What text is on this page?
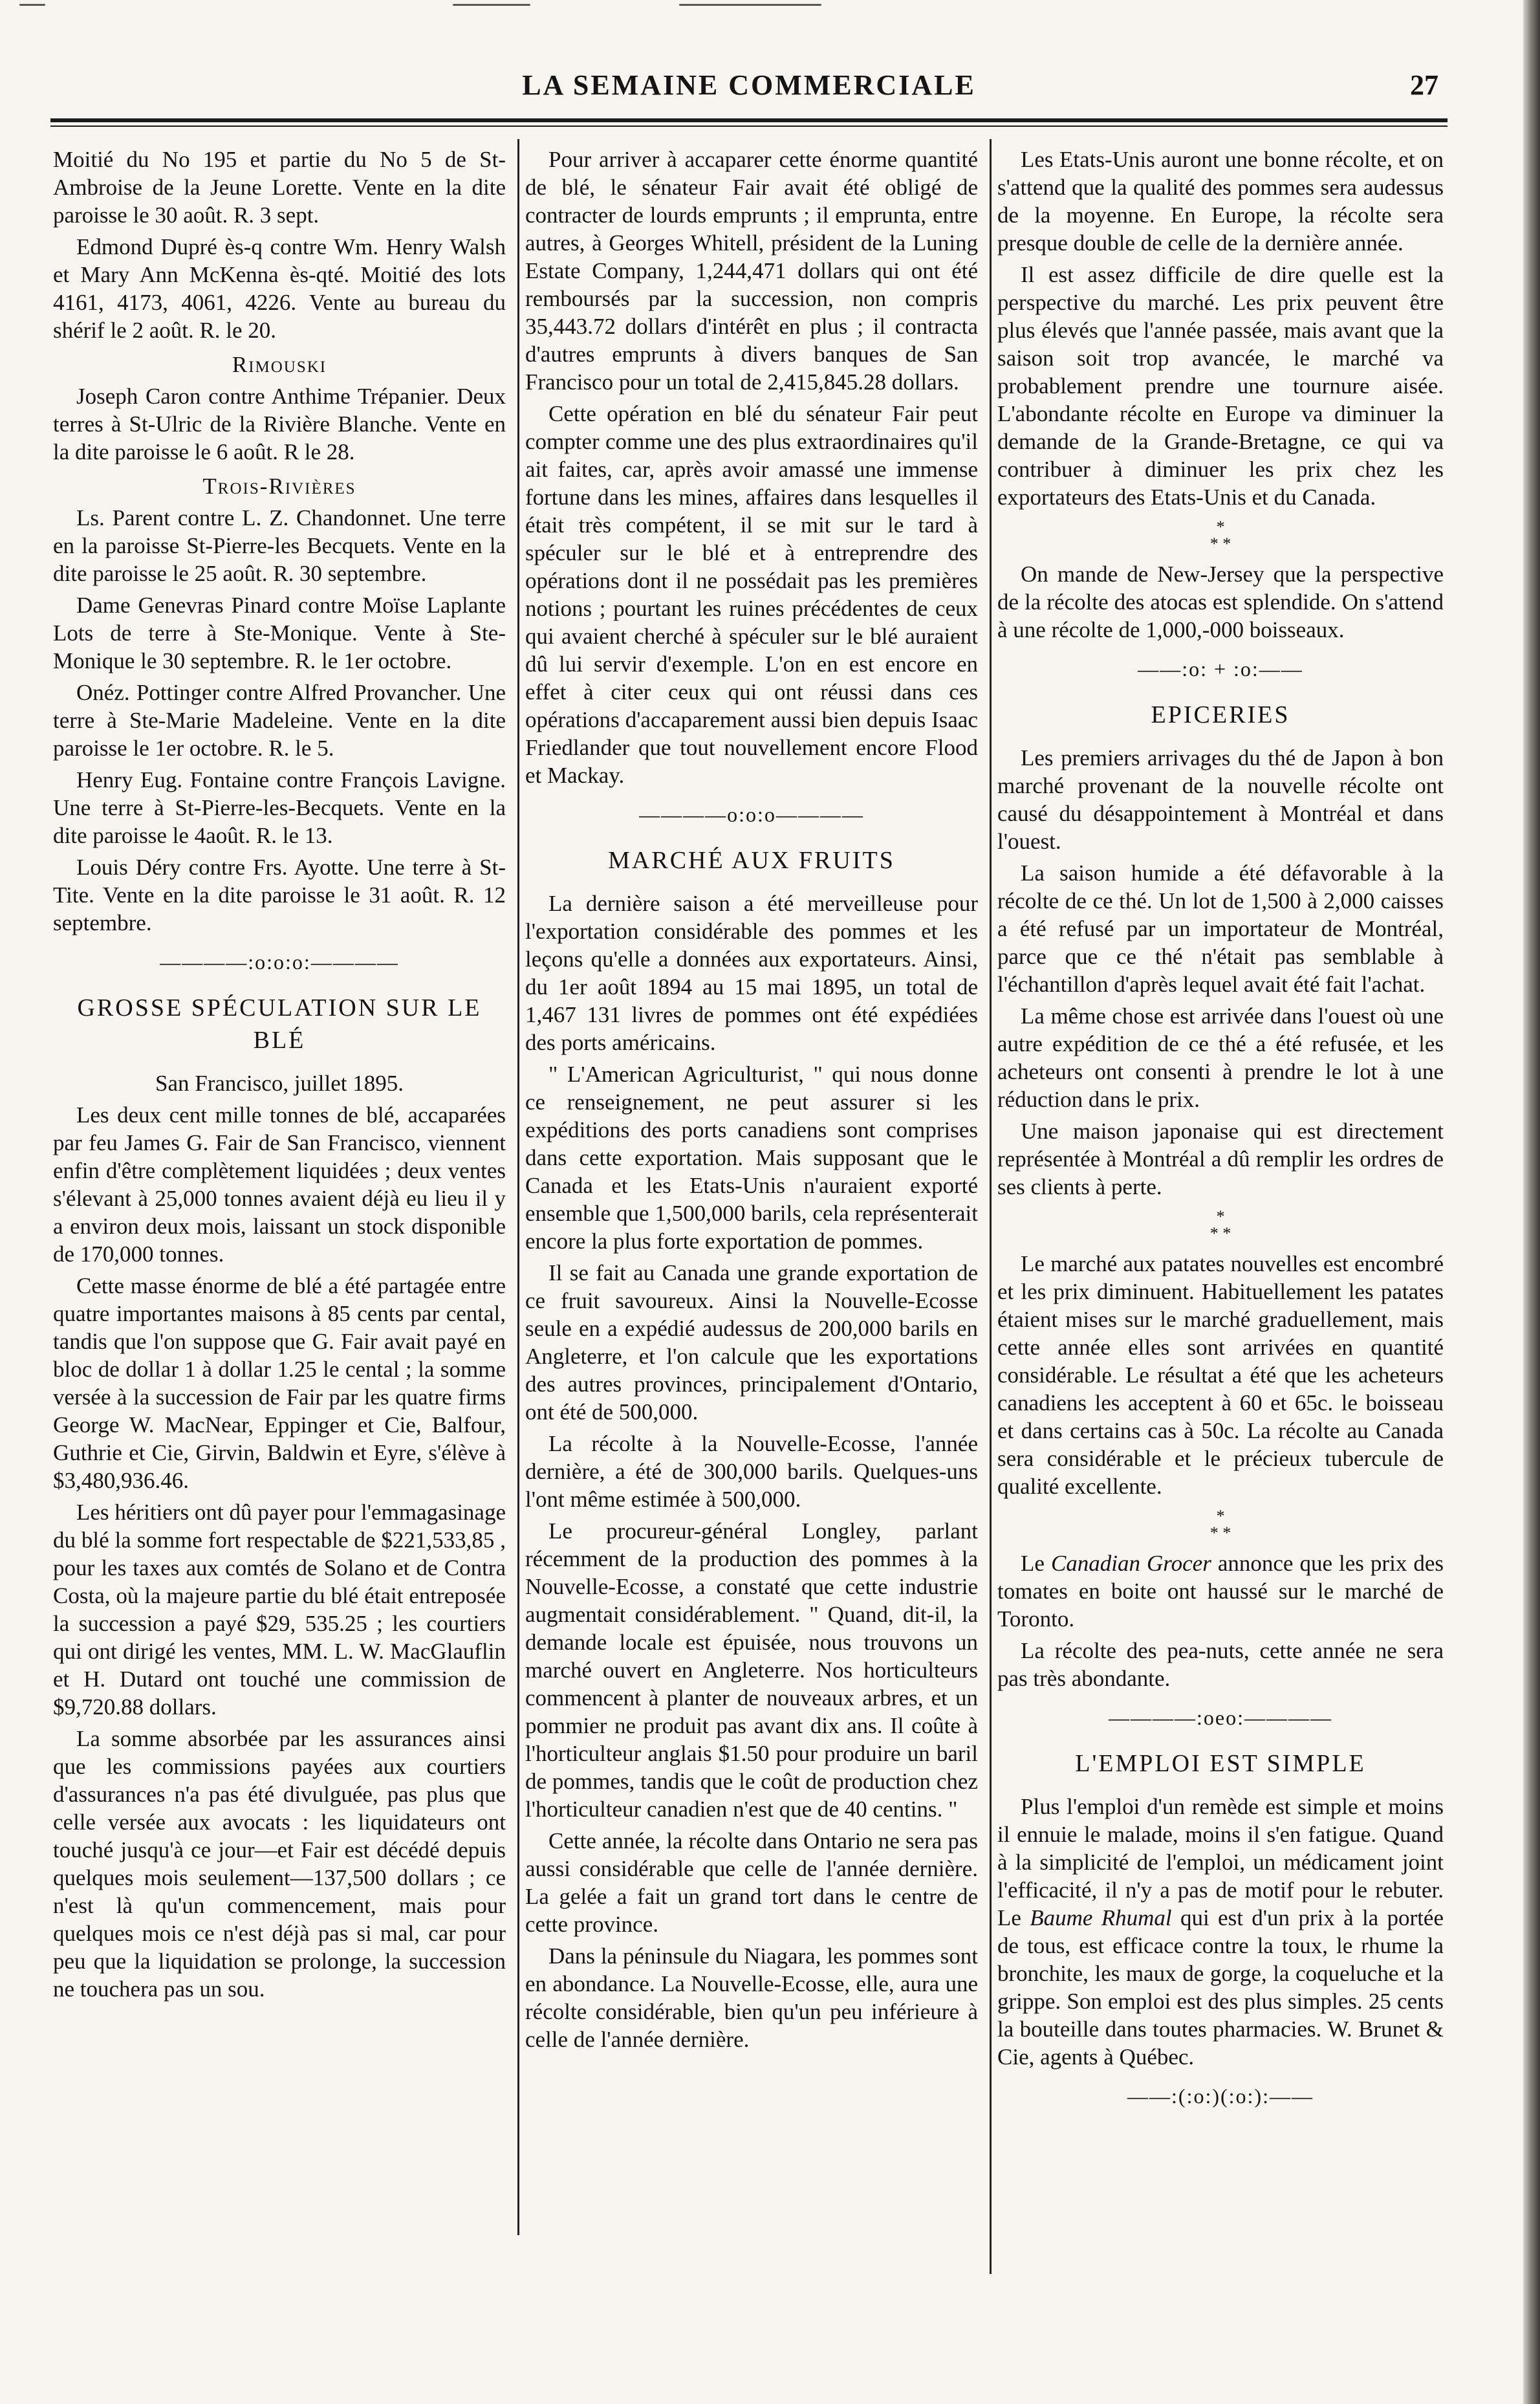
LA SEMAINE COMMERCIALE	27

Moitié du No 195 et partie du No 5 de St-Ambroise de la Jeune Lorette. Vente en la dite paroisse le 30 août. R. 3 sept.

Edmond Dupré ès-q contre Wm. Henry Walsh et Mary Ann McKenna ès-qté. Moitié des lots 4161, 4173, 4061, 4226. Vente au bureau du shérif le 2 août. R. le 20.

Rimouski

Joseph Caron contre Anthime Trépanier. Deux terres à St-Ulric de la Rivière Blanche. Vente en la dite paroisse le 6 août. R le 28.

Trois-Rivières

Ls. Parent contre L. Z. Chandonnet. Une terre en la paroisse St-Pierre-les Becquets. Vente en la dite paroisse le 25 août. R. 30 septembre.

Dame Genevras Pinard contre Moïse Laplante Lots de terre à Ste-Monique. Vente à Ste-Monique le 30 septembre. R. le 1er octobre.

Onéz. Pottinger contre Alfred Provancher. Une terre à Ste-Marie Madeleine. Vente en la dite paroisse le 1er octobre. R. le 5.

Henry Eug. Fontaine contre François Lavigne. Une terre à St-Pierre-les-Becquets. Vente en la dite paroisse le 4août. R. le 13.

Louis Déry contre Frs. Ayotte. Une terre à St-Tite. Vente en la dite paroisse le 31 août. R. 12 septembre.

————:o:o:o:————
GROSSE SPÉCULATION SUR LE BLÉ
San Francisco, juillet 1895.

Les deux cent mille tonnes de blé, accaparées par feu James G. Fair de San Francisco, viennent enfin d'être complètement liquidées ; deux ventes s'élevant à 25,000 tonnes avaient déjà eu lieu il y a environ deux mois, laissant un stock disponible de 170,000 tonnes.

Cette masse énorme de blé a été partagée entre quatre importantes maisons à 85 cents par cental, tandis que l'on suppose que G. Fair avait payé en bloc de dollar 1 à dollar 1.25 le cental ; la somme versée à la succession de Fair par les quatre firms George W. MacNear, Eppinger et Cie, Balfour, Guthrie et Cie, Girvin, Baldwin et Eyre, s'élève à $3,480,936.46.

Les héritiers ont dû payer pour l'emmagasinage du blé la somme fort respectable de $221,533,85 , pour les taxes aux comtés de Solano et de Contra Costa, où la majeure partie du blé était entreposée la succession a payé $29, 535.25 ; les courtiers qui ont dirigé les ventes, MM. L. W. MacGlauflin et H. Dutard ont touché une commission de $9,720.88 dollars.

La somme absorbée par les assurances ainsi que les commissions payées aux courtiers d'assurances n'a pas été divulguée, pas plus que celle versée aux avocats : les liquidateurs ont touché jusqu'à ce jour—et Fair est décédé depuis quelques mois seulement—137,500 dollars ; ce n'est là qu'un commencement, mais pour quelques mois ce n'est déjà pas si mal, car pour peu que la liquidation se prolonge, la succession ne touchera pas un sou.

Pour arriver à accaparer cette énorme quantité de blé, le sénateur Fair avait été obligé de contracter de lourds emprunts ; il emprunta, entre autres, à Georges Whitell, président de la Luning Estate Company, 1,244,471 dollars qui ont été remboursés par la succession, non compris 35,443.72 dollars d'intérêt en plus ; il contracta d'autres emprunts à divers banques de San Francisco pour un total de 2,415,845.28 dollars.

Cette opération en blé du sénateur Fair peut compter comme une des plus extraordinaires qu'il ait faites, car, après avoir amassé une immense fortune dans les mines, affaires dans lesquelles il était très compétent, il se mit sur le tard à spéculer sur le blé et à entreprendre des opérations dont il ne possédait pas les premières notions ; pourtant les ruines précédentes de ceux qui avaient cherché à spéculer sur le blé auraient dû lui servir d'exemple. L'on en est encore en effet à citer ceux qui ont réussi dans ces opérations d'accaparement aussi bien depuis Isaac Friedlander que tout nouvellement encore Flood et Mackay.

————o:o:o————
MARCHÉ AUX FRUITS

La dernière saison a été merveilleuse pour l'exportation considérable des pommes et les leçons qu'elle a données aux exportateurs. Ainsi, du 1er août 1894 au 15 mai 1895, un total de 1,467 131 livres de pommes ont été expédiées des ports américains.

" L'American Agriculturist, " qui nous donne ce renseignement, ne peut assurer si les expéditions des ports canadiens sont comprises dans cette exportation. Mais supposant que le Canada et les Etats-Unis n'auraient exporté ensemble que 1,500,000 barils, cela représenterait encore la plus forte exportation de pommes.

Il se fait au Canada une grande exportation de ce fruit savoureux. Ainsi la Nouvelle-Ecosse seule en a expédié audessus de 200,000 barils en Angleterre, et l'on calcule que les exportations des autres provinces, principalement d'Ontario, ont été de 500,000.

La récolte à la Nouvelle-Ecosse, l'année dernière, a été de 300,000 barils. Quelques-uns l'ont même estimée à 500,000.

Le procureur-général Longley, parlant récemment de la production des pommes à la Nouvelle-Ecosse, a constaté que cette industrie augmentait considérablement. " Quand, dit-il, la demande locale est épuisée, nous trouvons un marché ouvert en Angleterre. Nos horticulteurs commencent à planter de nouveaux arbres, et un pommier ne produit pas avant dix ans. Il coûte à l'horticulteur anglais $1.50 pour produire un baril de pommes, tandis que le coût de production chez l'horticulteur canadien n'est que de 40 centins. "

Cette année, la récolte dans Ontario ne sera pas aussi considérable que celle de l'année dernière. La gelée a fait un grand tort dans le centre de cette province.

Dans la péninsule du Niagara, les pommes sont en abondance. La Nouvelle-Ecosse, elle, aura une récolte considérable, bien qu'un peu inférieure à celle de l'année dernière.

Les Etats-Unis auront une bonne récolte, et on s'attend que la qualité des pommes sera audessus de la moyenne. En Europe, la récolte sera presque double de celle de la dernière année.

Il est assez difficile de dire quelle est la perspective du marché. Les prix peuvent être plus élevés que l'année passée, mais avant que la saison soit trop avancée, le marché va probablement prendre une tournure aisée. L'abondante récolte en Europe va diminuer la demande de la Grande-Bretagne, ce qui va contribuer à diminuer les prix chez les exportateurs des Etats-Unis et du Canada.

*
* *

On mande de New-Jersey que la perspective de la récolte des atocas est splendide. On s'attend à une récolte de 1,000,-000 boisseaux.

——:o: + :o:——
EPICERIES

Les premiers arrivages du thé de Japon à bon marché provenant de la nouvelle récolte ont causé du désappointement à Montréal et dans l'ouest.

La saison humide a été défavorable à la récolte de ce thé. Un lot de 1,500 à 2,000 caisses a été refusé par un importateur de Montréal, parce que ce thé n'était pas semblable à l'échantillon d'après lequel avait été fait l'achat.

La même chose est arrivée dans l'ouest où une autre expédition de ce thé a été refusée, et les acheteurs ont consenti à prendre le lot à une réduction dans le prix.

Une maison japonaise qui est directement représentée à Montréal a dû remplir les ordres de ses clients à perte.

*
* *

Le marché aux patates nouvelles est encombré et les prix diminuent. Habituellement les patates étaient mises sur le marché graduellement, mais cette année elles sont arrivées en quantité considérable. Le résultat a été que les acheteurs canadiens les acceptent à 60 et 65c. le boisseau et dans certains cas à 50c. La récolte au Canada sera considérable et le précieux tubercule de qualité excellente.

*
* *

Le Canadian Grocer annonce que les prix des tomates en boite ont haussé sur le marché de Toronto.

La récolte des pea-nuts, cette année ne sera pas très abondante.

————:oeo:————
L'EMPLOI EST SIMPLE

Plus l'emploi d'un remède est simple et moins il ennuie le malade, moins il s'en fatigue. Quand à la simplicité de l'emploi, un médicament joint l'efficacité, il n'y a pas de motif pour le rebuter. Le Baume Rhumal qui est d'un prix à la portée de tous, est efficace contre la toux, le rhume la bronchite, les maux de gorge, la coqueluche et la grippe. Son emploi est des plus simples. 25 cents la bouteille dans toutes pharmacies. W. Brunet & Cie, agents à Québec.

——:(:o:)(:o:):——
